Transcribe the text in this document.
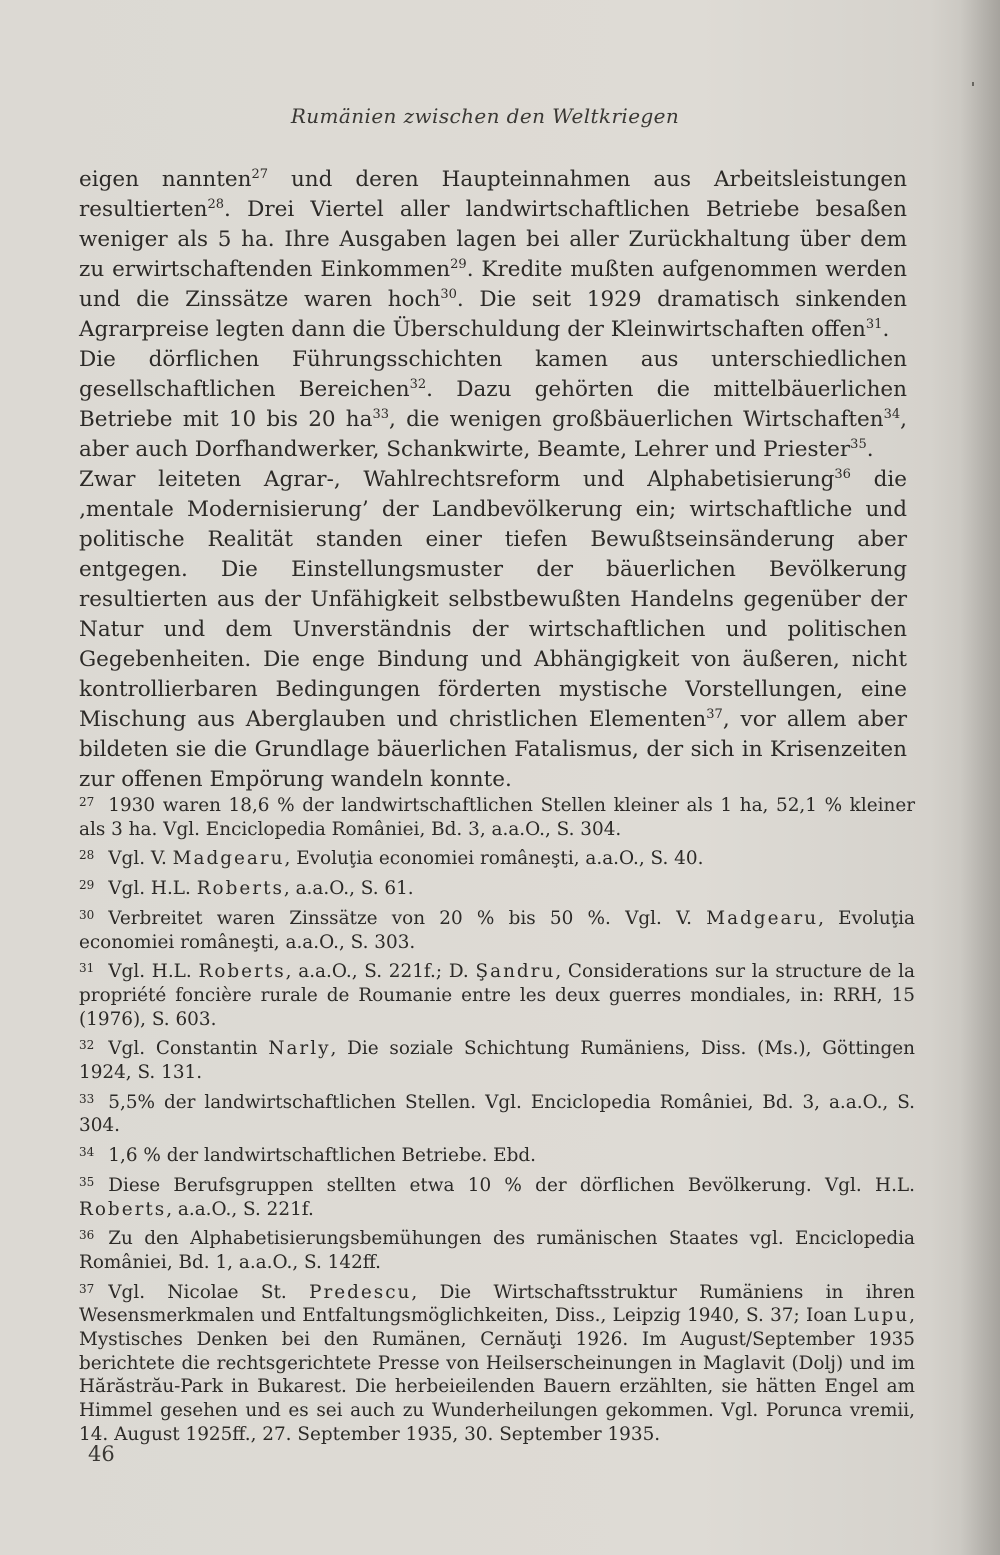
Rumänien zwischen den Weltkriegen

eigen nannten$^{27}$ und deren Haupteinnahmen aus Arbeitsleistungen resultierten$^{28}$. Drei Viertel aller landwirtschaftlichen Betriebe besaßen weniger als 5 ha. Ihre Ausgaben lagen bei aller Zurückhaltung über dem zu erwirtschaftenden Einkommen$^{29}$. Kredite mußten aufgenommen werden und die Zinssätze waren hoch$^{30}$. Die seit 1929 dramatisch sinkenden Agrarpreise legten dann die Überschuldung der Kleinwirtschaften offen$^{31}$.

Die dörflichen Führungsschichten kamen aus unterschiedlichen gesellschaftlichen Bereichen$^{32}$. Dazu gehörten die mittelbäuerlichen Betriebe mit 10 bis 20 ha$^{33}$, die wenigen großbäuerlichen Wirtschaften$^{34}$, aber auch Dorfhandwerker, Schankwirte, Beamte, Lehrer und Priester$^{35}$.

Zwar leiteten Agrar-, Wahlrechtsreform und Alphabetisierung$^{36}$ die ‚mentale Modernisierung’ der Landbevölkerung ein; wirtschaftliche und politische Realität standen einer tiefen Bewußtseinsänderung aber entgegen. Die Einstellungsmuster der bäuerlichen Bevölkerung resultierten aus der Unfähigkeit selbstbewußten Handelns gegenüber der Natur und dem Unverständnis der wirtschaftlichen und politischen Gegebenheiten. Die enge Bindung und Abhängigkeit von äußeren, nicht kontrollierbaren Bedingungen förderten mystische Vorstellungen, eine Mischung aus Aberglauben und christlichen Elementen$^{37}$, vor allem aber bildeten sie die Grundlage bäuerlichen Fatalismus, der sich in Krisenzeiten zur offenen Empörung wandeln konnte.

$^{27}$ 1930 waren 18,6 % der landwirtschaftlichen Stellen kleiner als 1 ha, 52,1 % kleiner als 3 ha. Vgl. Enciclopedia României, Bd. 3, a.a.O., S. 304.

$^{28}$ Vgl. V. Madgearu, Evoluţia economiei româneşti, a.a.O., S. 40.

$^{29}$ Vgl. H.L. Roberts, a.a.O., S. 61.

$^{30}$ Verbreitet waren Zinssätze von 20 % bis 50 %. Vgl. V. Madgearu, Evoluţia economiei româneşti, a.a.O., S. 303.

$^{31}$ Vgl. H.L. Roberts, a.a.O., S. 221f.; D. Şandru, Considerations sur la structure de la propriété foncière rurale de Roumanie entre les deux guerres mondiales, in: RRH, 15 (1976), S. 603.

$^{32}$ Vgl. Constantin Narly, Die soziale Schichtung Rumäniens, Diss. (Ms.), Göttingen 1924, S. 131.

$^{33}$ 5,5% der landwirtschaftlichen Stellen. Vgl. Enciclopedia României, Bd. 3, a.a.O., S. 304.

$^{34}$ 1,6 % der landwirtschaftlichen Betriebe. Ebd.

$^{35}$ Diese Berufsgruppen stellten etwa 10 % der dörflichen Bevölkerung. Vgl. H.L. Roberts, a.a.O., S. 221f.

$^{36}$ Zu den Alphabetisierungsbemühungen des rumänischen Staates vgl. Enciclopedia României, Bd. 1, a.a.O., S. 142ff.

$^{37}$ Vgl. Nicolae St. Predescu, Die Wirtschaftsstruktur Rumäniens in ihren Wesensmerkmalen und Entfaltungsmöglichkeiten, Diss., Leipzig 1940, S. 37; Ioan Lupu, Mystisches Denken bei den Rumänen, Cernăuţi 1926. Im August/September 1935 berichtete die rechtsgerichtete Presse von Heilserscheinungen in Maglavit (Dolj) und im Hărăstrău-Park in Bukarest. Die herbeieilenden Bauern erzählten, sie hätten Engel am Himmel gesehen und es sei auch zu Wunderheilungen gekommen. Vgl. Porunca vremii, 14. August 1925ff., 27. September 1935, 30. September 1935.

46
